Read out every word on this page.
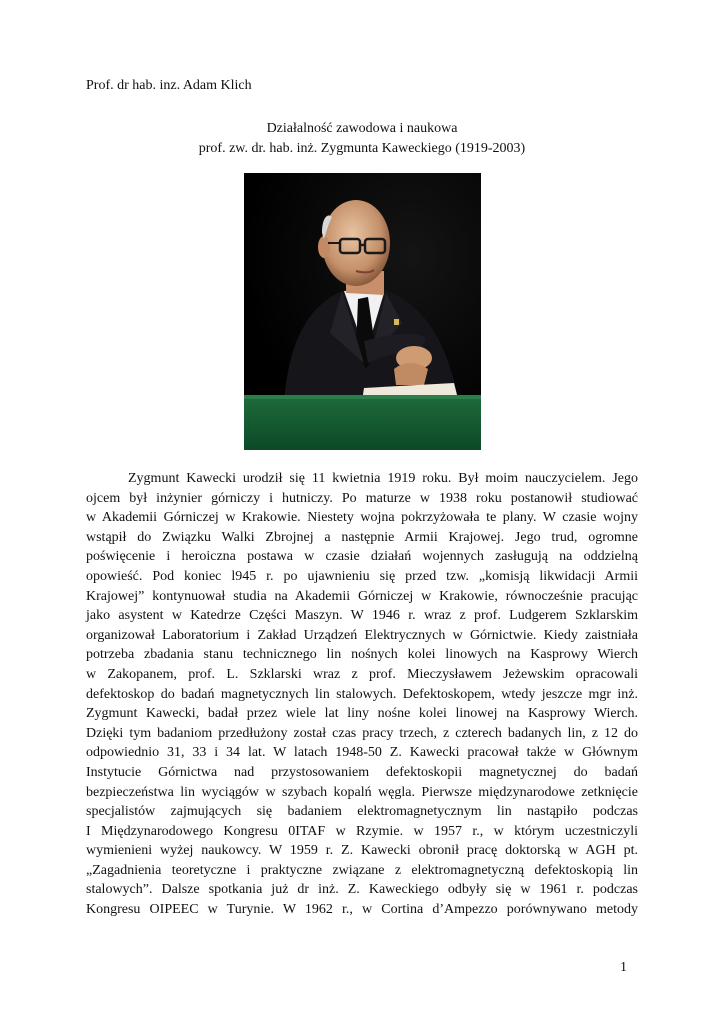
Prof. dr hab. inz. Adam Klich
Działalność zawodowa i naukowa
prof. zw. dr. hab. inż. Zygmunta Kaweckiego (1919-2003)
Zygmunt Kawecki urodził się 11 kwietnia 1919 roku. Był moim nauczycielem. Jego
ojcem był inżynier górniczy i hutniczy. Po maturze w 1938 roku postanowił studiować
w Akademii Górniczej w Krakowie. Niestety wojna pokrzyżowała te plany. W czasie wojny
wstąpił do Związku Walki Zbrojnej a następnie Armii Krajowej. Jego trud, ogromne
poświęcenie i heroiczna postawa w czasie działań wojennych zasługują na oddzielną
opowieść. Pod koniec l945 r. po ujawnieniu się przed tzw. „komisją likwidacji Armii
Krajowej” kontynuował studia na Akademii Górniczej w Krakowie, równocześnie pracując
jako asystent w Katedrze Części Maszyn. W 1946 r. wraz z prof. Ludgerem Szklarskim
organizował Laboratorium i Zakład Urządzeń Elektrycznych w Górnictwie. Kiedy zaistniała
potrzeba zbadania stanu technicznego lin nośnych kolei linowych na Kasprowy Wierch
w Zakopanem, prof. L. Szklarski wraz z prof. Mieczysławem Jeżewskim opracowali
defektoskop do badań magnetycznych lin stalowych. Defektoskopem, wtedy jeszcze mgr inż.
Zygmunt Kawecki, badał przez wiele lat liny nośne kolei linowej na Kasprowy Wierch.
Dzięki tym badaniom przedłużony został czas pracy trzech, z czterech badanych lin, z 12 do
odpowiednio 31, 33 i 34 lat. W latach 1948-50 Z. Kawecki pracował także w Głównym
Instytucie Górnictwa nad przystosowaniem defektoskopii magnetycznej do badań
bezpieczeństwa lin wyciągów w szybach kopalń węgla. Pierwsze międzynarodowe zetknięcie
specjalistów zajmujących się badaniem elektromagnetycznym lin nastąpiło podczas
I Międzynarodowego Kongresu 0ITAF w Rzymie. w 1957 r., w którym uczestniczyli
wymienieni wyżej naukowcy. W 1959 r. Z. Kawecki obronił pracę doktorską w AGH pt.
„Zagadnienia teoretyczne i praktyczne związane z elektromagnetyczną defektoskopią lin
stalowych”. Dalsze spotkania już dr inż. Z. Kaweckiego odbyły się w 1961 r. podczas
Kongresu OIPEEC w Turynie. W 1962 r., w Cortina d’Ampezzo porównywano metody
1
